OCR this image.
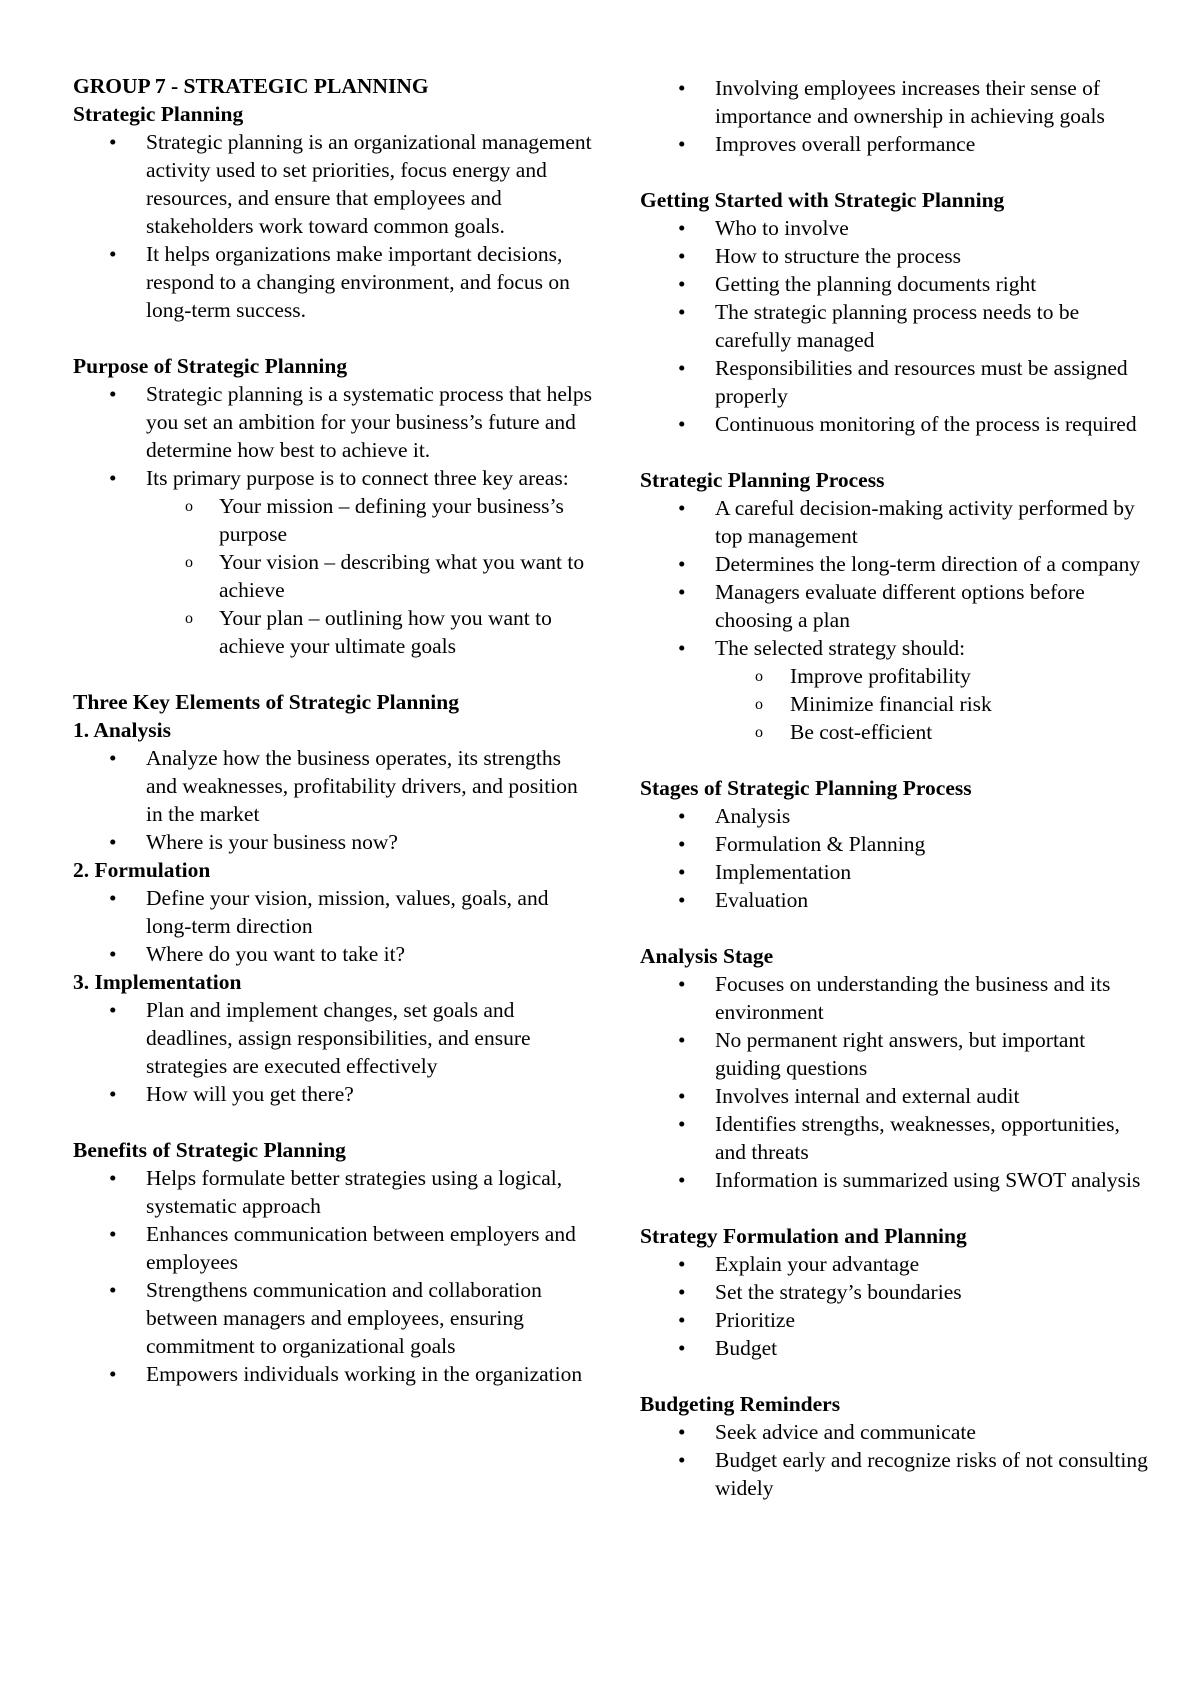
GROUP 7 - STRATEGIC PLANNING
Strategic Planning
• Strategic planning is an organizational management activity used to set priorities, focus energy and resources, and ensure that employees and stakeholders work toward common goals.
• It helps organizations make important decisions, respond to a changing environment, and focus on long-term success.
Purpose of Strategic Planning
• Strategic planning is a systematic process that helps you set an ambition for your business’s future and determine how best to achieve it.
• Its primary purpose is to connect three key areas:
o Your mission – defining your business’s purpose
o Your vision – describing what you want to achieve
o Your plan – outlining how you want to achieve your ultimate goals
Three Key Elements of Strategic Planning
1. Analysis
• Analyze how the business operates, its strengths and weaknesses, profitability drivers, and position in the market
• Where is your business now?
2. Formulation
• Define your vision, mission, values, goals, and long-term direction
• Where do you want to take it?
3. Implementation
• Plan and implement changes, set goals and deadlines, assign responsibilities, and ensure strategies are executed effectively
• How will you get there?
Benefits of Strategic Planning
• Helps formulate better strategies using a logical, systematic approach
• Enhances communication between employers and employees
• Strengthens communication and collaboration between managers and employees, ensuring commitment to organizational goals
• Empowers individuals working in the organization
• Involving employees increases their sense of importance and ownership in achieving goals
• Improves overall performance
Getting Started with Strategic Planning
• Who to involve
• How to structure the process
• Getting the planning documents right
• The strategic planning process needs to be carefully managed
• Responsibilities and resources must be assigned properly
• Continuous monitoring of the process is required
Strategic Planning Process
• A careful decision-making activity performed by top management
• Determines the long-term direction of a company
• Managers evaluate different options before choosing a plan
• The selected strategy should:
o Improve profitability
o Minimize financial risk
o Be cost-efficient
Stages of Strategic Planning Process
• Analysis
• Formulation & Planning
• Implementation
• Evaluation
Analysis Stage
• Focuses on understanding the business and its environment
• No permanent right answers, but important guiding questions
• Involves internal and external audit
• Identifies strengths, weaknesses, opportunities, and threats
• Information is summarized using SWOT analysis
Strategy Formulation and Planning
• Explain your advantage
• Set the strategy’s boundaries
• Prioritize
• Budget
Budgeting Reminders
• Seek advice and communicate
• Budget early and recognize risks of not consulting widely
